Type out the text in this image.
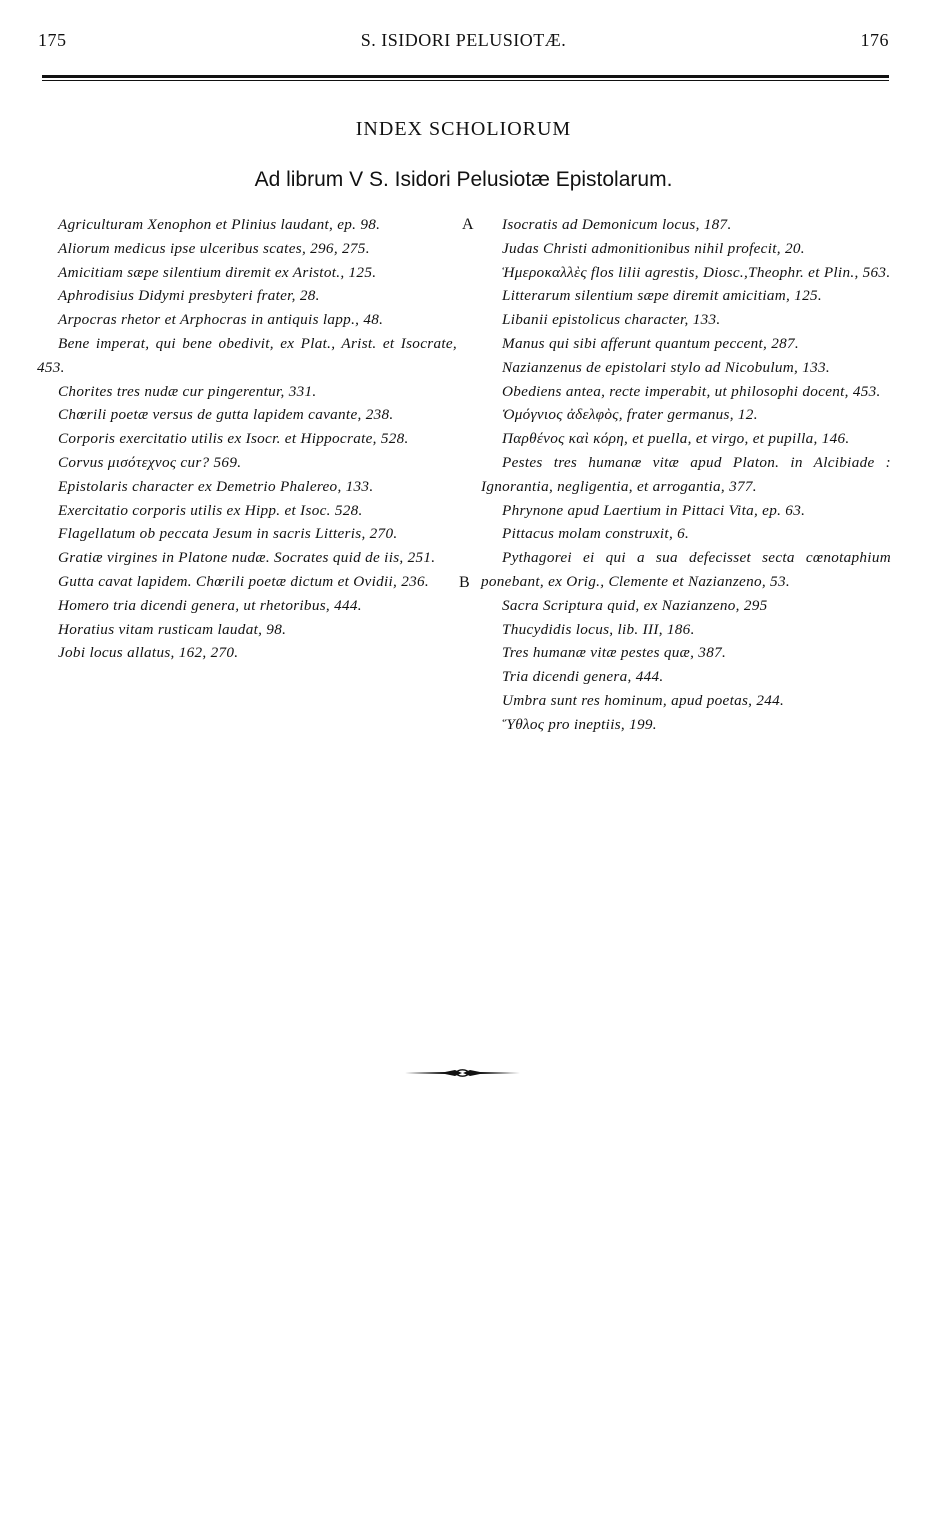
175	S. ISIDORI PELUSIOTÆ.	176
INDEX SCHOLIORUM
Ad librum V S. Isidori Pelusiotæ Epistolarum.
A
B

Agriculturam Xenophon et Plinius laudant, ep. 98.

Aliorum medicus ipse ulceribus scates, 296, 275.

Amicitiam sæpe silentium diremit ex Aristot., 125.

Aphrodisius Didymi presbyteri frater, 28.

Arpocras rhetor et Arphocras in antiquis lapp., 48.

Bene imperat, qui bene obedivit, ex Plat., Arist. et Isocrate, 453.

Chorites tres nudæ cur pingerentur, 331.

Chœrili poetæ versus de gutta lapidem cavante, 238.

Corporis exercitatio utilis ex Isocr. et Hippocrate, 528.

Corvus μισότεχνος cur? 569.

Epistolaris character ex Demetrio Phalereo, 133.

Exercitatio corporis utilis ex Hipp. et Isoc. 528.

Flagellatum ob peccata Jesum in sacris Litteris, 270.

Gratiæ virgines in Platone nudæ. Socrates quid de iis, 251.

Gutta cavat lapidem. Chœrili poetæ dictum et Ovidii, 236.

Homero tria dicendi genera, ut rhetoribus, 444.

Horatius vitam rusticam laudat, 98.

Jobi locus allatus, 162, 270.

Isocratis ad Demonicum locus, 187.

Judas Christi admonitionibus nihil profecit, 20.

Ἡμεροκαλλὲς flos lilii agrestis, Diosc.,Theophr. et Plin., 563.

Litterarum silentium sæpe diremit amicitiam, 125.

Libanii epistolicus character, 133.

Manus qui sibi afferunt quantum peccent, 287.

Nazianzenus de epistolari stylo ad Nicobulum, 133.

Obediens antea, recte imperabit, ut philosophi docent, 453.

Ὁμόγνιος ἀδελφὸς, frater germanus, 12.

Παρθένος καὶ κόρη, et puella, et virgo, et pupilla, 146.

Pestes tres humanæ vitæ apud Platon. in Alcibiade : Ignorantia, negligentia, et arrogantia, 377.

Phrynone apud Laertium in Pittaci Vita, ep. 63.

Pittacus molam construxit, 6.

Pythagorei ei qui a sua defecisset secta cœnotaphium ponebant, ex Orig., Clemente et Nazianzeno, 53.

Sacra Scriptura quid, ex Nazianzeno, 295

Thucydidis locus, lib. III, 186.

Tres humanæ vitæ pestes quæ, 387.

Tria dicendi genera, 444.

Umbra sunt res hominum, apud poetas, 244.

Ὕθλος pro ineptiis, 199.
